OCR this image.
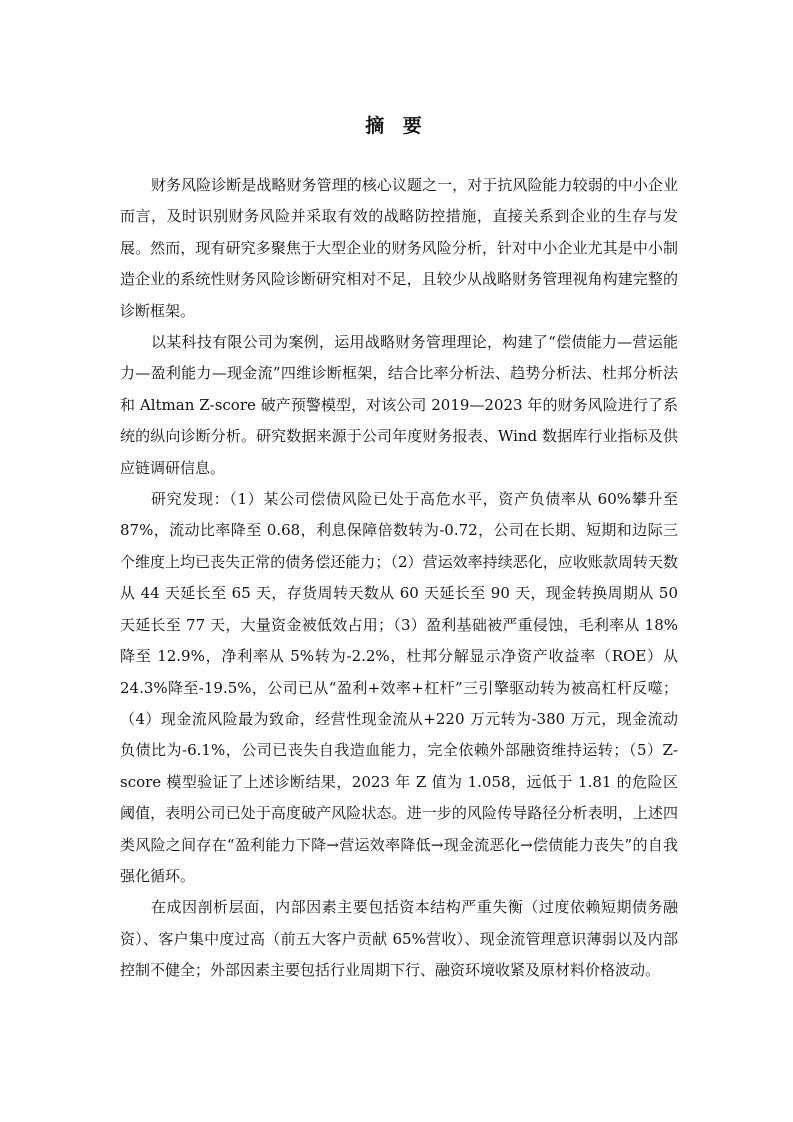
摘 要

财务风险诊断是战略财务管理的核心议题之一，对于抗风险能力较弱的中小企业而言，及时识别财务风险并采取有效的战略防控措施，直接关系到企业的生存与发展。然而，现有研究多聚焦于大型企业的财务风险分析，针对中小企业尤其是中小制造企业的系统性财务风险诊断研究相对不足，且较少从战略财务管理视角构建完整的诊断框架。

以某科技有限公司为案例，运用战略财务管理理论，构建了“偿债能力—营运能力—盈利能力—现金流”四维诊断框架，结合比率分析法、趋势分析法、杜邦分析法和 Altman Z-score 破产预警模型，对该公司 2019—2023 年的财务风险进行了系统的纵向诊断分析。研究数据来源于公司年度财务报表、Wind 数据库行业指标及供应链调研信息。

研究发现：（1）某公司偿债风险已处于高危水平，资产负债率从 60%攀升至 87%，流动比率降至 0.68，利息保障倍数转为-0.72，公司在长期、短期和边际三个维度上均已丧失正常的债务偿还能力；（2）营运效率持续恶化，应收账款周转天数从 44 天延长至 65 天，存货周转天数从 60 天延长至 90 天，现金转换周期从 50 天延长至 77 天，大量资金被低效占用；（3）盈利基础被严重侵蚀，毛利率从 18%降至 12.9%，净利率从 5%转为-2.2%，杜邦分解显示净资产收益率（ROE）从 24.3%降至-19.5%，公司已从“盈利+效率+杠杆”三引擎驱动转为被高杠杆反噬；（4）现金流风险最为致命，经营性现金流从+220 万元转为-380 万元，现金流动负债比为-6.1%，公司已丧失自我造血能力，完全依赖外部融资维持运转；（5）Z-score 模型验证了上述诊断结果，2023 年 Z 值为 1.058，远低于 1.81 的危险区阈值，表明公司已处于高度破产风险状态。进一步的风险传导路径分析表明，上述四类风险之间存在“盈利能力下降→营运效率降低→现金流恶化→偿债能力丧失”的自我强化循环。

在成因剖析层面，内部因素主要包括资本结构严重失衡（过度依赖短期债务融资）、客户集中度过高（前五大客户贡献 65%营收）、现金流管理意识薄弱以及内部控制不健全；外部因素主要包括行业周期下行、融资环境收紧及原材料价格波动。
